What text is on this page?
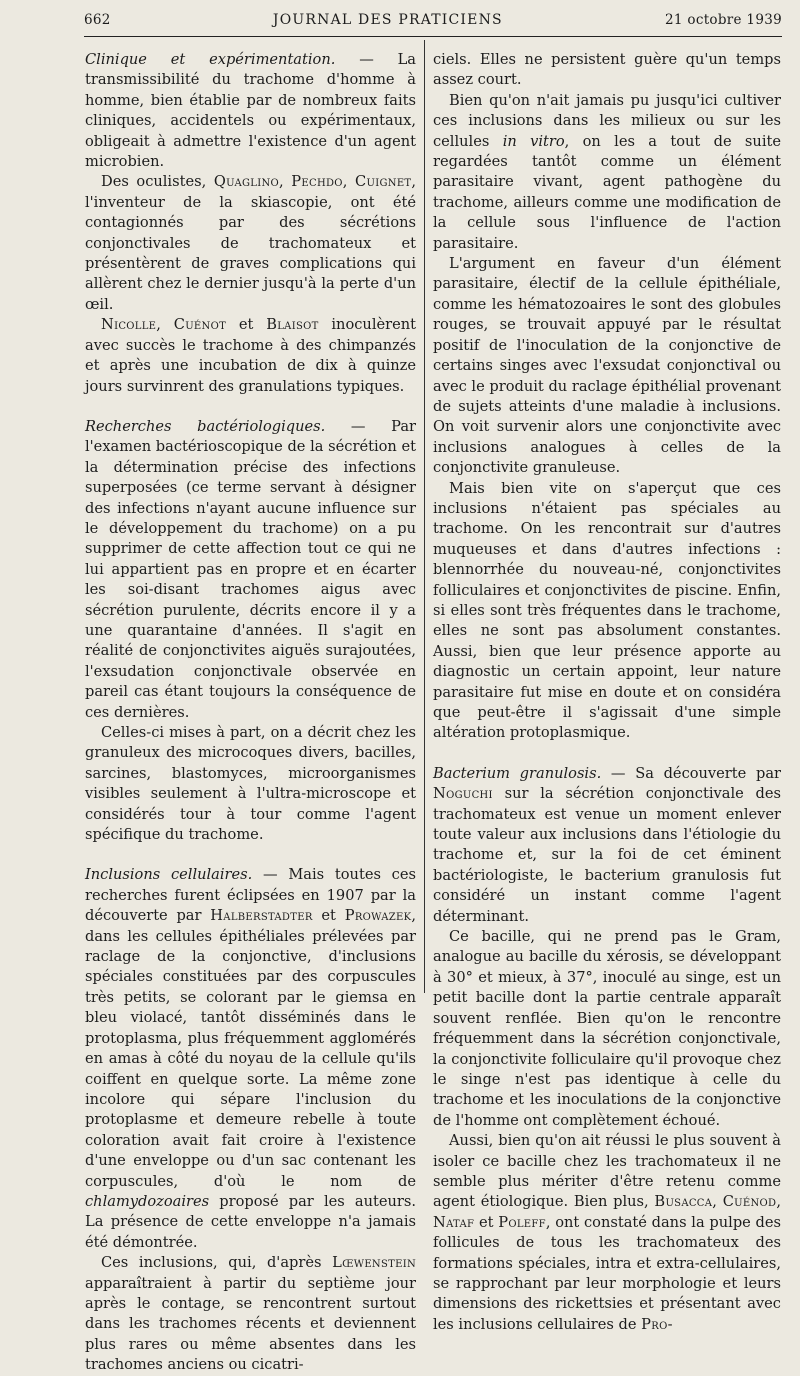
662	JOURNAL DES PRATICIENS	21 octobre 1939

Clinique et expérimentation. — La transmissibilité du trachome d'homme à homme, bien établie par de nombreux faits cliniques, accidentels ou expérimentaux, obligeait à admettre l'existence d'un agent microbien.

Des oculistes, Quaglino, Pechdo, Cuignet, l'inventeur de la skiascopie, ont été contagionnés par des sécrétions conjonctivales de trachomateux et présentèrent de graves complications qui allèrent chez le dernier jusqu'à la perte d'un œil.

Nicolle, Cuénot et Blaisot inoculèrent avec succès le trachome à des chimpanzés et après une incubation de dix à quinze jours survinrent des granulations typiques.

Recherches bactériologiques. — Par l'examen bactérioscopique de la sécrétion et la détermination précise des infections superposées (ce terme servant à désigner des infections n'ayant aucune influence sur le développement du trachome) on a pu supprimer de cette affection tout ce qui ne lui appartient pas en propre et en écarter les soi-disant trachomes aigus avec sécrétion purulente, décrits encore il y a une quarantaine d'années. Il s'agit en réalité de conjonctivites aiguës surajoutées, l'exsudation conjonctivale observée en pareil cas étant toujours la conséquence de ces dernières.

Celles-ci mises à part, on a décrit chez les granuleux des microcoques divers, bacilles, sarcines, blastomyces, microorganismes visibles seulement à l'ultra-microscope et considérés tour à tour comme l'agent spécifique du trachome.

Inclusions cellulaires. — Mais toutes ces recherches furent éclipsées en 1907 par la découverte par Halberstadter et Prowazek, dans les cellules épithéliales prélevées par raclage de la conjonctive, d'inclusions spéciales constituées par des corpuscules très petits, se colorant par le giemsa en bleu violacé, tantôt disséminés dans le protoplasma, plus fréquemment agglomérés en amas à côté du noyau de la cellule qu'ils coiffent en quelque sorte. La même zone incolore qui sépare l'inclusion du protoplasme et demeure rebelle à toute coloration avait fait croire à l'existence d'une enveloppe ou d'un sac contenant les corpuscules, d'où le nom de chlamydozoaires proposé par les auteurs. La présence de cette enveloppe n'a jamais été démontrée.

Ces inclusions, qui, d'après Lœwenstein apparaîtraient à partir du septième jour après le contage, se rencontrent surtout dans les trachomes récents et deviennent plus rares ou même absentes dans les trachomes anciens ou cicatri-

ciels. Elles ne persistent guère qu'un temps assez court.

Bien qu'on n'ait jamais pu jusqu'ici cultiver ces inclusions dans les milieux ou sur les cellules in vitro, on les a tout de suite regardées tantôt comme un élément parasitaire vivant, agent pathogène du trachome, ailleurs comme une modification de la cellule sous l'influence de l'action parasitaire.

L'argument en faveur d'un élément parasitaire, électif de la cellule épithéliale, comme les hématozoaires le sont des globules rouges, se trouvait appuyé par le résultat positif de l'inoculation de la conjonctive de certains singes avec l'exsudat conjonctival ou avec le produit du raclage épithélial provenant de sujets atteints d'une maladie à inclusions. On voit survenir alors une conjonctivite avec inclusions analogues à celles de la conjonctivite granuleuse.

Mais bien vite on s'aperçut que ces inclusions n'étaient pas spéciales au trachome. On les rencontrait sur d'autres muqueuses et dans d'autres infections : blennorrhée du nouveau-né, conjonctivites folliculaires et conjonctivites de piscine. Enfin, si elles sont très fréquentes dans le trachome, elles ne sont pas absolument constantes. Aussi, bien que leur présence apporte au diagnostic un certain appoint, leur nature parasitaire fut mise en doute et on considéra que peut-être il s'agissait d'une simple altération protoplasmique.

Bacterium granulosis. — Sa découverte par Noguchi sur la sécrétion conjonctivale des trachomateux est venue un moment enlever toute valeur aux inclusions dans l'étiologie du trachome et, sur la foi de cet éminent bactériologiste, le bacterium granulosis fut considéré un instant comme l'agent déterminant.

Ce bacille, qui ne prend pas le Gram, analogue au bacille du xérosis, se développant à 30° et mieux, à 37°, inoculé au singe, est un petit bacille dont la partie centrale apparaît souvent renflée. Bien qu'on le rencontre fréquemment dans la sécrétion conjonctivale, la conjonctivite folliculaire qu'il provoque chez le singe n'est pas identique à celle du trachome et les inoculations de la conjonctive de l'homme ont complètement échoué.

Aussi, bien qu'on ait réussi le plus souvent à isoler ce bacille chez les trachomateux il ne semble plus mériter d'être retenu comme agent étiologique. Bien plus, Busacca, Cuénod, Nataf et Poleff, ont constaté dans la pulpe des follicules de tous les trachomateux des formations spéciales, intra et extra-cellulaires, se rapprochant par leur morphologie et leurs dimensions des rickettsies et présentant avec les inclusions cellulaires de Pro-
